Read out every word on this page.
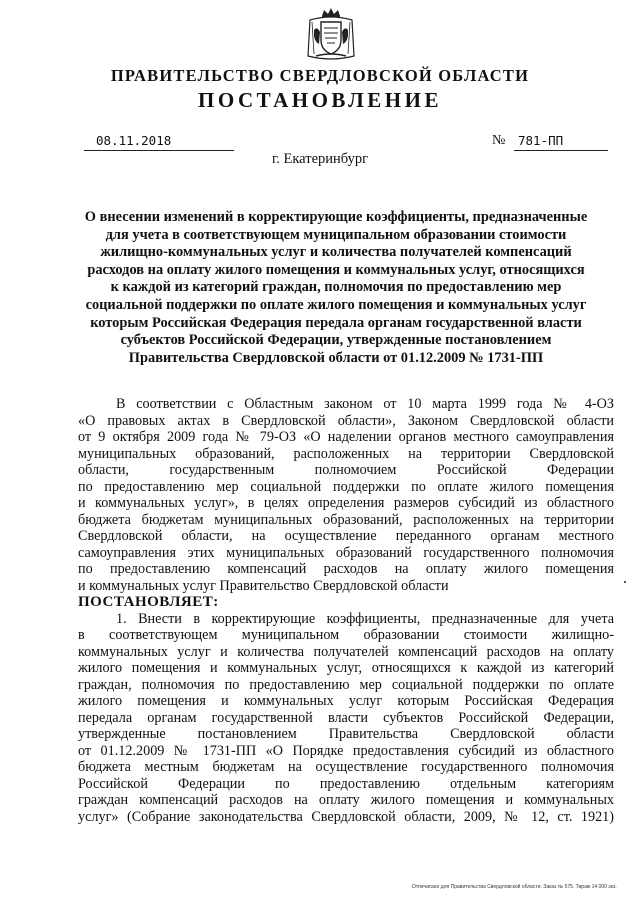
ПРАВИТЕЛЬСТВО СВЕРДЛОВСКОЙ ОБЛАСТИ
ПОСТАНОВЛЕНИЕ
08.11.2018	№	781-ПП
г. Екатеринбург
О внесении изменений в корректирующие коэффициенты, предназначенные
для учета в соответствующем муниципальном образовании стоимости
жилищно-коммунальных услуг и количества получателей компенсаций
расходов на оплату жилого помещения и коммунальных услуг, относящихся
к каждой из категорий граждан, полномочия по предоставлению мер
социальной поддержки по оплате жилого помещения и коммунальных услуг
которым Российская Федерация передала органам государственной власти
субъектов Российской Федерации, утвержденные постановлением
Правительства Свердловской области от 01.12.2009 № 1731-ПП
В соответствии с Областным законом от 10 марта 1999 года № 4-ОЗ
«О правовых актах в Свердловской области», Законом Свердловской области
от 9 октября 2009 года № 79-ОЗ «О наделении органов местного самоуправления
муниципальных образований, расположенных на территории Свердловской
области, государственным полномочием Российской Федерации
по предоставлению мер социальной поддержки по оплате жилого помещения
и коммунальных услуг», в целях определения размеров субсидий из областного
бюджета бюджетам муниципальных образований, расположенных на территории
Свердловской области, на осуществление переданного органам местного
самоуправления этих муниципальных образований государственного полномочия
по предоставлению компенсаций расходов на оплату жилого помещения
и коммунальных услуг Правительство Свердловской области
ПОСТАНОВЛЯЕТ:
1. Внести в корректирующие коэффициенты, предназначенные для учета
в соответствующем муниципальном образовании стоимости жилищно-
коммунальных услуг и количества получателей компенсаций расходов на оплату
жилого помещения и коммунальных услуг, относящихся к каждой из категорий
граждан, полномочия по предоставлению мер социальной поддержки по оплате
жилого помещения и коммунальных услуг которым Российская Федерация
передала органам государственной власти субъектов Российской Федерации,
утвержденные постановлением Правительства Свердловской области
от 01.12.2009 № 1731-ПП «О Порядке предоставления субсидий из областного
бюджета местным бюджетам на осуществление государственного полномочия
Российской Федерации по предоставлению отдельным категориям
граждан компенсаций расходов на оплату жилого помещения и коммунальных
услуг» (Собрание законодательства Свердловской области, 2009, № 12, ст. 1921)
Отпечатано для Правительства Свердловской области. Заказ № 575. Тираж 14 000 экз.
